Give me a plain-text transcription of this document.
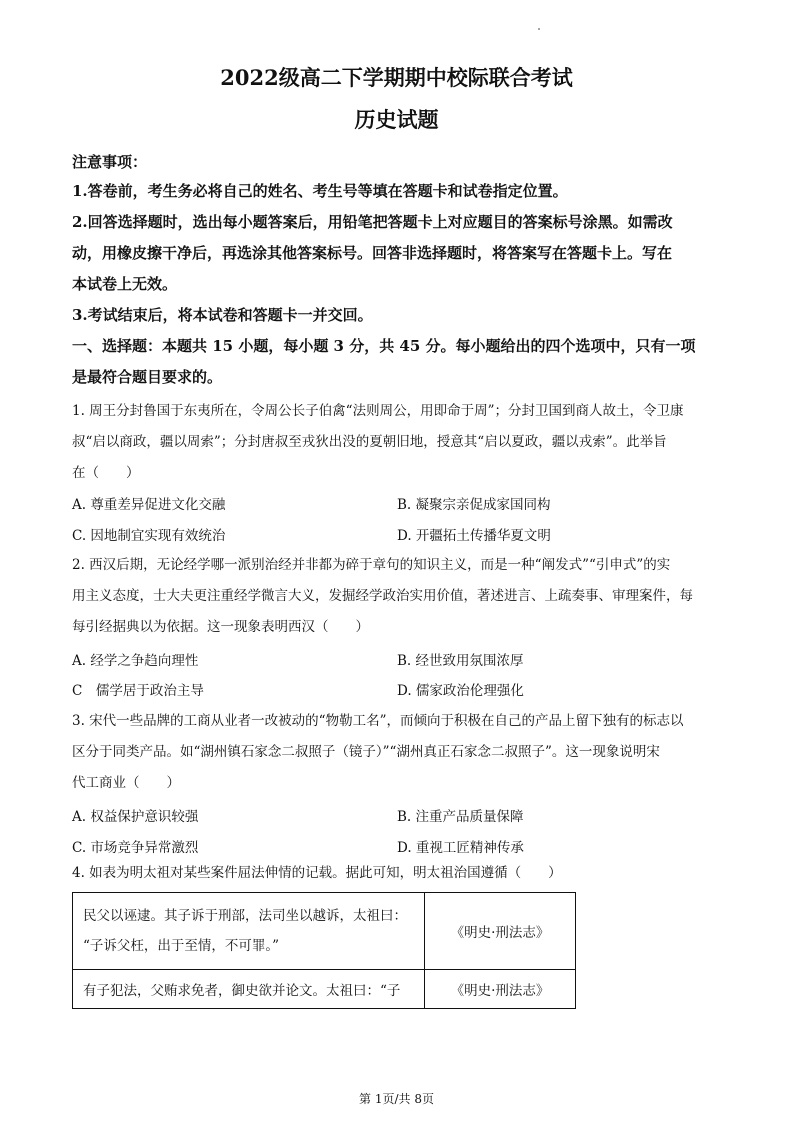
2022级高二下学期期中校际联合考试
历史试题
注意事项：
1.答卷前，考生务必将自己的姓名、考生号等填在答题卡和试卷指定位置。
2.回答选择题时，选出每小题答案后，用铅笔把答题卡上对应题目的答案标号涂黑。如需改
动，用橡皮擦干净后，再选涂其他答案标号。回答非选择题时，将答案写在答题卡上。写在
本试卷上无效。
3.考试结束后，将本试卷和答题卡一并交回。
一、选择题：本题共 15 小题，每小题 3 分，共 45 分。每小题给出的四个选项中，只有一项
是最符合题目要求的。
1. 周王分封鲁国于东夷所在，令周公长子伯禽“法则周公，用即命于周”；分封卫国到商人故土，令卫康
叔“启以商政，疆以周索”；分封唐叔至戎狄出没的夏朝旧地，授意其“启以夏政，疆以戎索”。此举旨
在（　　）
A. 尊重差异促进文化交融	B. 凝聚宗亲促成家国同构
C. 因地制宜实现有效统治	D. 开疆拓土传播华夏文明
2. 西汉后期，无论经学哪一派别治经并非都为碎于章句的知识主义，而是一种“阐发式”“引申式”的实
用主义态度，士大夫更注重经学微言大义，发掘经学政治实用价值，著述进言、上疏奏事、审理案件，每
每引经据典以为依据。这一现象表明西汉（　　）
A. 经学之争趋向理性	B. 经世致用氛围浓厚
C　儒学居于政治主导	D. 儒家政治伦理强化
3. 宋代一些品牌的工商从业者一改被动的“物勒工名”，而倾向于积极在自己的产品上留下独有的标志以
区分于同类产品。如“湖州镇石家念二叔照子（镜子）”“湖州真正石家念二叔照子”。这一现象说明宋
代工商业（　　）
A. 权益保护意识较强	B. 注重产品质量保障
C. 市场竞争异常激烈	D. 重视工匠精神传承
4. 如表为明太祖对某些案件屈法伸情的记载。据此可知，明太祖治国遵循（　　）
民父以诬逮。其子诉于刑部，法司坐以越诉，太祖曰：
“子诉父枉，出于至情，不可罪。”	《明史·刑法志》

有子犯法，父贿求免者，御史欲并论文。太祖曰：“子	《明史·刑法志》
第 1页/共 8页
